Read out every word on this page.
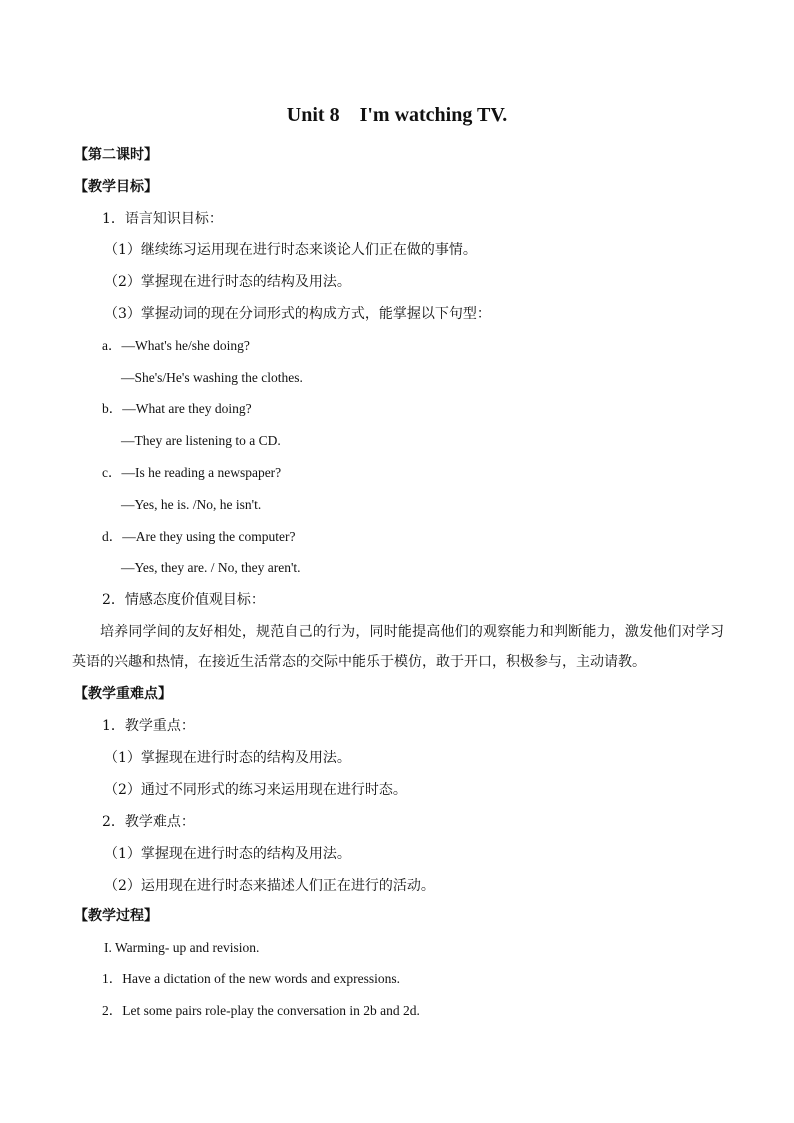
Unit 8    I'm watching TV.
【第二课时】
【教学目标】
1．语言知识目标：
（1）继续练习运用现在进行时态来谈论人们正在做的事情。
（2）掌握现在进行时态的结构及用法。
（3）掌握动词的现在分词形式的构成方式，能掌握以下句型：
a．—What's he/she doing?
—She's/He's washing the clothes.
b．—What are they doing?
—They are listening to a CD.
c．—Is he reading a newspaper?
—Yes, he is. /No, he isn't.
d．—Are they using the computer?
—Yes, they are. / No, they aren't.
2．情感态度价值观目标：
培养同学间的友好相处，规范自己的行为，同时能提高他们的观察能力和判断能力，激发他们对学习英语的兴趣和热情，在接近生活常态的交际中能乐于模仿，敢于开口，积极参与，主动请教。
【教学重难点】
1．教学重点：
（1）掌握现在进行时态的结构及用法。
（2）通过不同形式的练习来运用现在进行时态。
2．教学难点：
（1）掌握现在进行时态的结构及用法。
（2）运用现在进行时态来描述人们正在进行的活动。
【教学过程】
I. Warming- up and revision.
1．Have a dictation of the new words and expressions.
2．Let some pairs role-play the conversation in 2b and 2d.
